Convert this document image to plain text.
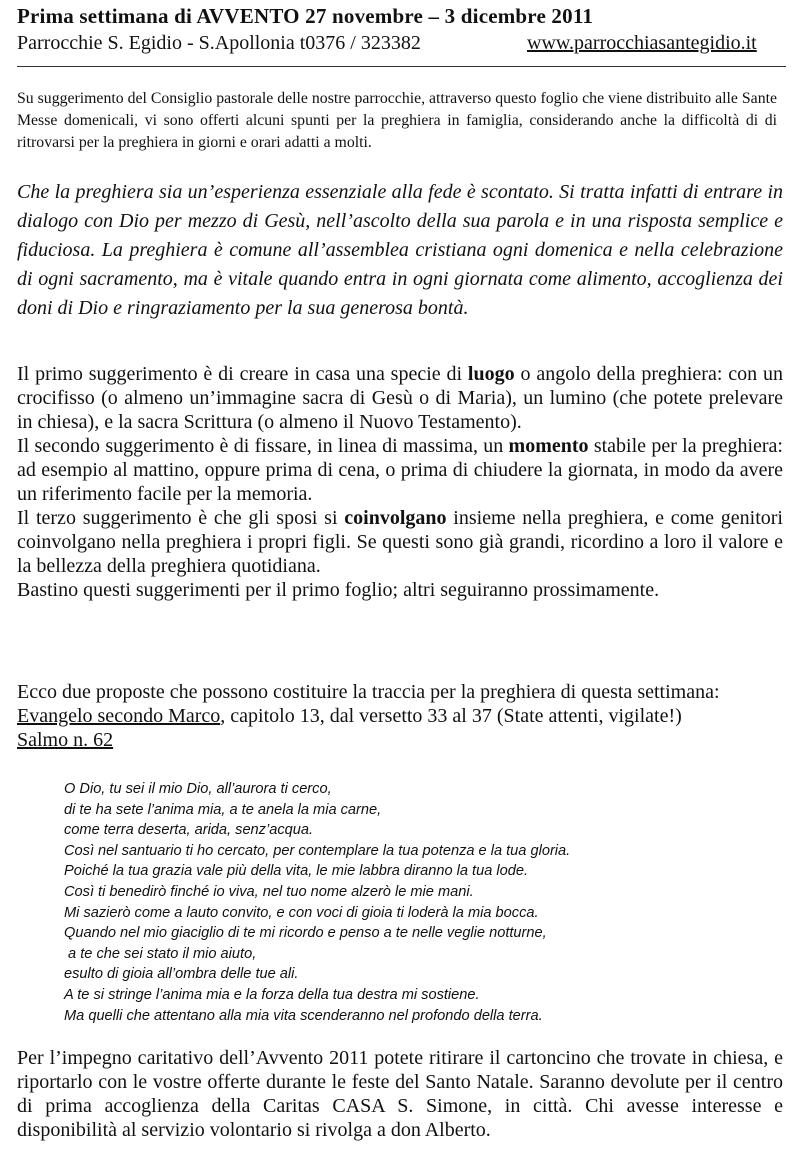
Prima settimana di AVVENTO 27 novembre – 3 dicembre 2011
Parrocchie S. Egidio - S.Apollonia t0376 / 323382	www.parrocchiasantegidio.it
Su suggerimento del Consiglio pastorale delle nostre parrocchie, attraverso questo foglio che viene distribuito alle Sante Messe domenicali, vi sono offerti alcuni spunti per la preghiera in famiglia, considerando anche la difficoltà di di ritrovarsi per la preghiera in giorni e orari adatti a molti.
Che la preghiera sia un’esperienza essenziale alla fede è scontato. Si tratta infatti di entrare in dialogo con Dio per mezzo di Gesù, nell’ascolto della sua parola e in una risposta semplice e fiduciosa. La preghiera è comune all’assemblea cristiana ogni domenica e nella celebrazione di ogni sacramento, ma è vitale quando entra in ogni giornata come alimento, accoglienza dei doni di Dio e ringraziamento per la sua generosa bontà.

Il primo suggerimento è di creare in casa una specie di luogo o angolo della preghiera: con un crocifisso (o almeno un’immagine sacra di Gesù o di Maria), un lumino (che potete prelevare in chiesa), e la sacra Scrittura (o almeno il Nuovo Testamento).

Il secondo suggerimento è di fissare, in linea di massima, un momento stabile per la preghiera: ad esempio al mattino, oppure prima di cena, o prima di chiudere la giornata, in modo da avere un riferimento facile per la memoria.

Il terzo suggerimento è che gli sposi si coinvolgano insieme nella preghiera, e come genitori coinvolgano nella preghiera i propri figli. Se questi sono già grandi, ricordino a loro il valore e la bellezza della preghiera quotidiana.

Bastino questi suggerimenti per il primo foglio; altri seguiranno prossimamente.

Ecco due proposte che possono costituire la traccia per la preghiera di questa settimana:

Evangelo secondo Marco, capitolo 13, dal versetto 33 al 37 (State attenti, vigilate!)

Salmo n. 62

O Dio, tu sei il mio Dio, all’aurora ti cerco,
di te ha sete l’anima mia, a te anela la mia carne,
come terra deserta, arida, senz’acqua.
Così nel santuario ti ho cercato, per contemplare la tua potenza e la tua gloria.
Poiché la tua grazia vale più della vita, le mie labbra diranno la tua lode.
Così ti benedirò finché io viva, nel tuo nome alzerò le mie mani.
Mi sazierò come a lauto convito, e con voci di gioia ti loderà la mia bocca.
Quando nel mio giaciglio di te mi ricordo e penso a te nelle veglie notturne,
a te che sei stato il mio aiuto,
esulto di gioia all’ombra delle tue ali.
A te si stringe l’anima mia e la forza della tua destra mi sostiene.
Ma quelli che attentano alla mia vita scenderanno nel profondo della terra.
Per l’impegno caritativo dell’Avvento 2011 potete ritirare il cartoncino che trovate in chiesa, e riportarlo con le vostre offerte durante le feste del Santo Natale. Saranno devolute per il centro di prima accoglienza della Caritas CASA S. Simone, in città. Chi avesse interesse e disponibilità al servizio volontario si rivolga a don Alberto.
